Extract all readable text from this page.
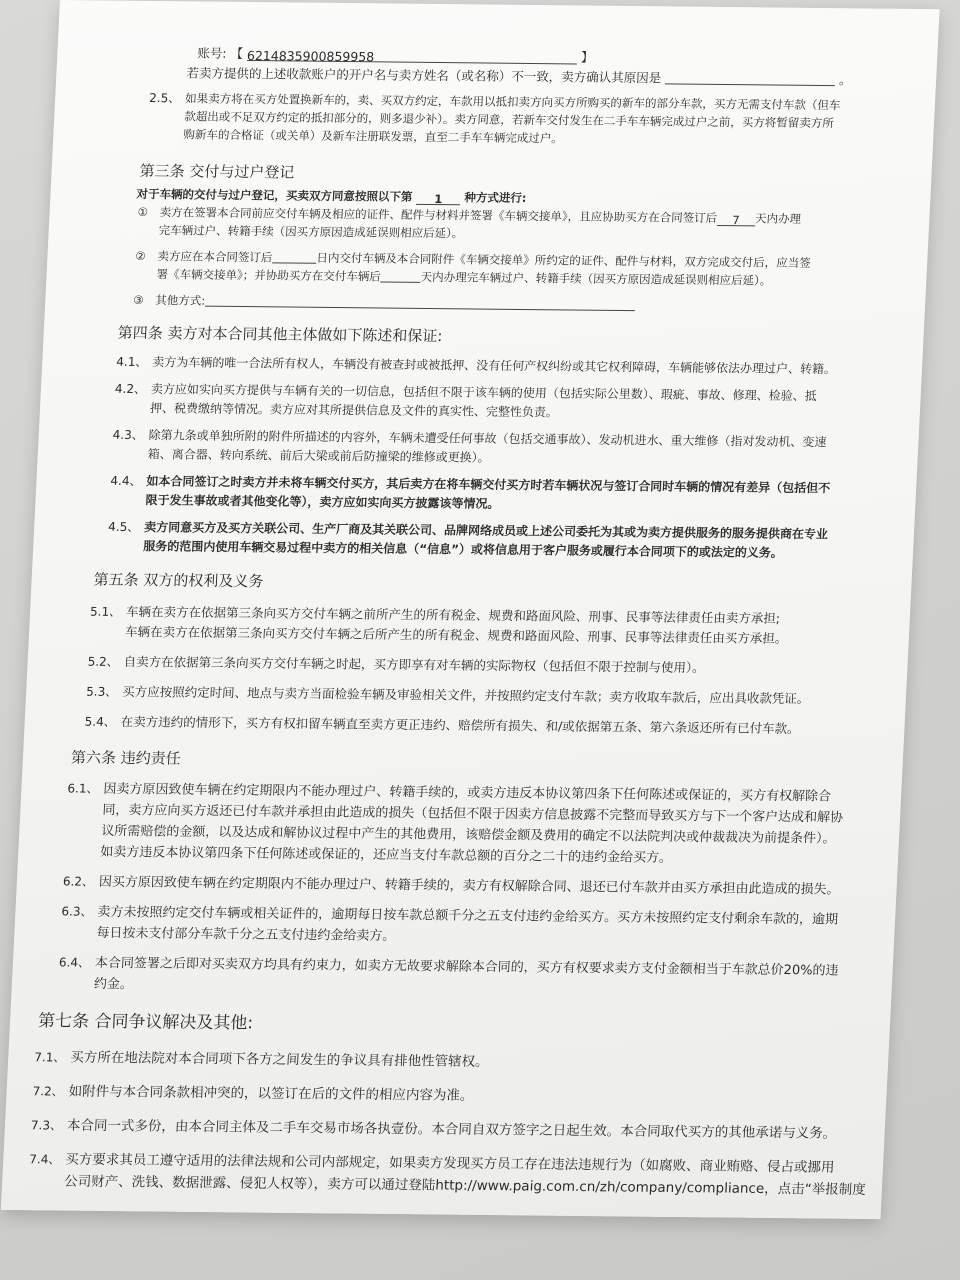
账号: 【 6214835900859958	】
若卖方提供的上述收款账户的开户名与卖方姓名（或名称）不一致，卖方确认其原因是	。
2.5、 如果卖方将在买方处置换新车的，卖、买双方约定，车款用以抵扣卖方向买方所购买的新车的部分车款，买方无需支付车款（但车
款超出或不足双方约定的抵扣部分的，则多退少补）。卖方同意，若新车交付发生在二手车车辆完成过户之前，买方将暂留卖方所
购新车的合格证（或关单）及新车注册联发票，直至二手车车辆完成过户。
第三条 交付与过户登记
对于车辆的交付与过户登记，买卖双方同意按照以下第 1 种方式进行:
① 卖方在签署本合同前应交付车辆及相应的证件、配件与材料并签署《车辆交接单》，且应协助买方在合同签订后 7 天内办理
完车辆过户、转籍手续（因买方原因造成延误则相应后延）。
② 卖方应在本合同签订后	日内交付车辆及本合同附件《车辆交接单》所约定的证件、配件与材料，双方完成交付后，应当签
署《车辆交接单》；并协助买方在交付车辆后	天内办理完车辆过户、转籍手续（因买方原因造成延误则相应后延）。
③ 其他方式:
第四条 卖方对本合同其他主体做如下陈述和保证:
4.1、 卖方为车辆的唯一合法所有权人，车辆没有被查封或被抵押、没有任何产权纠纷或其它权利障碍，车辆能够依法办理过户、转籍。
4.2、 卖方应如实向买方提供与车辆有关的一切信息，包括但不限于该车辆的使用（包括实际公里数）、瑕疵、事故、修理、检验、抵
押、税费缴纳等情况。卖方应对其所提供信息及文件的真实性、完整性负责。
4.3、 除第九条或单独所附的附件所描述的内容外，车辆未遭受任何事故（包括交通事故）、发动机进水、重大维修（指对发动机、变速
箱、离合器、转向系统、前后大梁或前后防撞梁的维修或更换）。
4.4、 如本合同签订之时卖方并未将车辆交付买方，其后卖方在将车辆交付买方时若车辆状况与签订合同时车辆的情况有差异（包括但不
限于发生事故或者其他变化等），卖方应如实向买方披露该等情况。
4.5、 卖方同意买方及买方关联公司、生产厂商及其关联公司、品牌网络成员或上述公司委托为其或为卖方提供服务的服务提供商在专业
服务的范围内使用车辆交易过程中卖方的相关信息（“信息”）或将信息用于客户服务或履行本合同项下的或法定的义务。
第五条 双方的权利及义务
5.1、 车辆在卖方在依据第三条向买方交付车辆之前所产生的所有税金、规费和路面风险、刑事、民事等法律责任由卖方承担;
车辆在卖方在依据第三条向买方交付车辆之后所产生的所有税金、规费和路面风险、刑事、民事等法律责任由买方承担。
5.2、 自卖方在依据第三条向买方交付车辆之时起，买方即享有对车辆的实际物权（包括但不限于控制与使用）。
5.3、 买方应按照约定时间、地点与卖方当面检验车辆及审验相关文件，并按照约定支付车款；卖方收取车款后，应出具收款凭证。
5.4、 在卖方违约的情形下，买方有权扣留车辆直至卖方更正违约、赔偿所有损失、和/或依据第五条、第六条返还所有已付车款。
第六条 违约责任
6.1、 因卖方原因致使车辆在约定期限内不能办理过户、转籍手续的，或卖方违反本协议第四条下任何陈述或保证的，买方有权解除合
同，卖方应向买方返还已付车款并承担由此造成的损失（包括但不限于因卖方信息披露不完整而导致买方与下一个客户达成和解协
议所需赔偿的金额，以及达成和解协议过程中产生的其他费用，该赔偿金额及费用的确定不以法院判决或仲裁裁决为前提条件）。
如卖方违反本协议第四条下任何陈述或保证的，还应当支付车款总额的百分之二十的违约金给买方。
6.2、 因买方原因致使车辆在约定期限内不能办理过户、转籍手续的，卖方有权解除合同、退还已付车款并由买方承担由此造成的损失。
6.3、 卖方未按照约定交付车辆或相关证件的，逾期每日按车款总额千分之五支付违约金给买方。买方未按照约定支付剩余车款的，逾期
每日按未支付部分车款千分之五支付违约金给卖方。
6.4、 本合同签署之后即对买卖双方均具有约束力，如卖方无故要求解除本合同的，买方有权要求卖方支付金额相当于车款总价20%的违
约金。
第七条 合同争议解决及其他:
7.1、 买方所在地法院对本合同项下各方之间发生的争议具有排他性管辖权。
7.2、 如附件与本合同条款相冲突的，以签订在后的文件的相应内容为准。
7.3、 本合同一式多份，由本合同主体及二手车交易市场各执壹份。本合同自双方签字之日起生效。本合同取代买方的其他承诺与义务。
7.4、 买方要求其员工遵守适用的法律法规和公司内部规定，如果卖方发现买方员工存在违法违规行为（如腐败、商业贿赂、侵占或挪用
公司财产、洗钱、数据泄露、侵犯人权等），卖方可以通过登陆http://www.paig.com.cn/zh/company/compliance，点击“举报制度
